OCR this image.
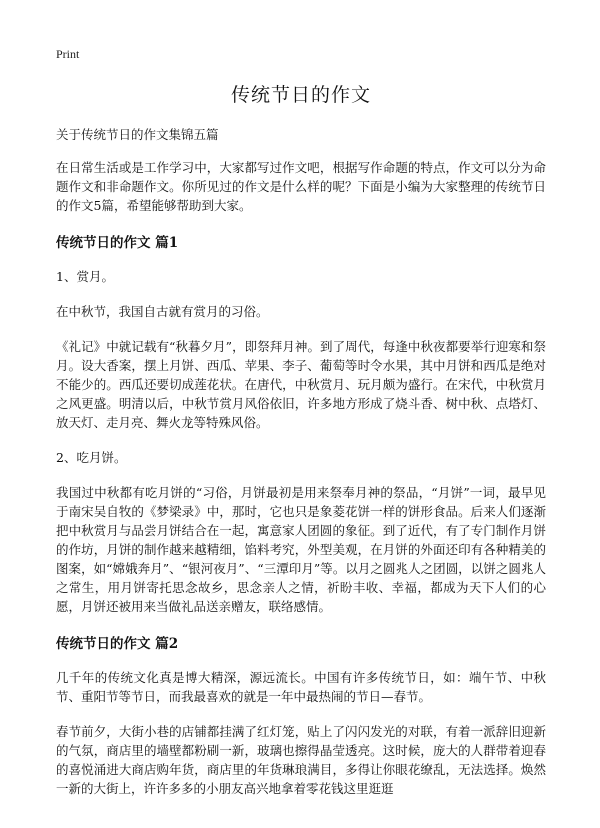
Print
传统节日的作文

关于传统节日的作文集锦五篇

在日常生活或是工作学习中，大家都写过作文吧，根据写作命题的特点，作文可以分为命题作文和非命题作文。你所见过的作文是什么样的呢？下面是小编为大家整理的传统节日的作文5篇，希望能够帮助到大家。

传统节日的作文 篇1

1、赏月。

在中秋节，我国自古就有赏月的习俗。

《礼记》中就记载有“秋暮夕月”，即祭拜月神。到了周代，每逢中秋夜都要举行迎寒和祭月。设大香案，摆上月饼、西瓜、苹果、李子、葡萄等时令水果，其中月饼和西瓜是绝对不能少的。西瓜还要切成莲花状。在唐代，中秋赏月、玩月颇为盛行。在宋代，中秋赏月之风更盛。明清以后，中秋节赏月风俗依旧，许多地方形成了烧斗香、树中秋、点塔灯、放天灯、走月亮、舞火龙等特殊风俗。

2、吃月饼。

我国过中秋都有吃月饼的“习俗，月饼最初是用来祭奉月神的祭品，“月饼”一词，最早见于南宋吴自牧的《梦梁录》中，那时，它也只是象菱花饼一样的饼形食品。后来人们逐渐把中秋赏月与品尝月饼结合在一起，寓意家人团圆的象征。到了近代，有了专门制作月饼的作坊，月饼的制作越来越精细，馅料考究，外型美观，在月饼的外面还印有各种精美的图案，如“嫦娥奔月”、“银河夜月”、“三潭印月”等。以月之圆兆人之团圆，以饼之圆兆人之常生，用月饼寄托思念故乡，思念亲人之情，祈盼丰收、幸福，都成为天下人们的心愿，月饼还被用来当做礼品送亲赠友，联络感情。

传统节日的作文 篇2

几千年的传统文化真是博大精深，源远流长。中国有许多传统节日，如：端午节、中秋节、重阳节等节日，而我最喜欢的就是一年中最热闹的节日—春节。

春节前夕，大街小巷的店铺都挂满了红灯笼，贴上了闪闪发光的对联，有着一派辞旧迎新的气氛，商店里的墙壁都粉刷一新，玻璃也擦得晶莹透亮。这时候，庞大的人群带着迎春的喜悦涌进大商店购年货，商店里的年货琳琅满目，多得让你眼花缭乱，无法选择。焕然一新的大街上，许许多多的小朋友高兴地拿着零花钱这里逛逛
